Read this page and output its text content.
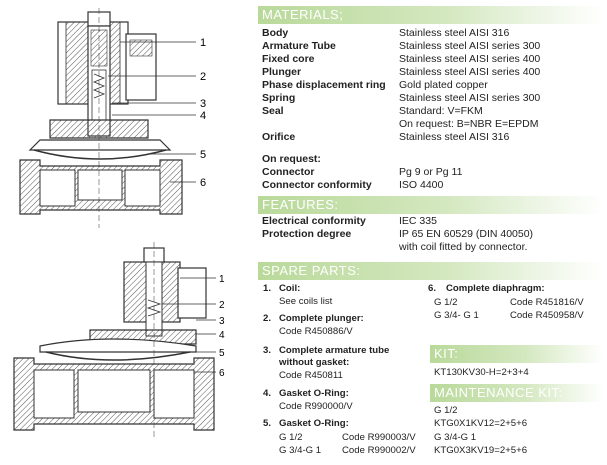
1
2
3
4
5
6
1
2
3
4
5
6
MATERIALS;
Body	Stainless steel AISI 316
Armature Tube	Stainless steel AISI series 300
Fixed core	Stainless steel AISI series 400
Plunger	Stainless steel AISI series 400
Phase displacement ring Gold plated copper
Spring	Stainless steel AISI series 300
Seal	Standard: V=FKM
On request: B=NBR E=EPDM
Orifice	Stainless steel AISI 316
On request:
Connector	Pg 9 or Pg 11
Connector conformity	ISO 4400
Electrical conformity	IEC 335
Protection degree	IP 65 EN 60529 (DIN 40050)
with coil fitted by connector.
FEATURES:
SPARE PARTS:
1. Coil:
See coils list
2. Complete plunger:
Code R450886/V
3. Complete armature tube
without gasket:
Code R450811
4. Gasket O-Ring:
Code R990000/V
5. Gasket O-Ring:
G 1/2	Code R990003/V
G 3/4-G 1 Code R990002/V
6. Complete diaphragm:
G 1/2	Code R451816/V
G 3/4- G 1	Code R450958/V
KIT:
KT130KV30-H=2+3+4
MAINTENANCE KIT:
G 1/2
KTG0X1KV12=2+5+6
G 3/4-G 1
KTG0X3KV19=2+5+6
